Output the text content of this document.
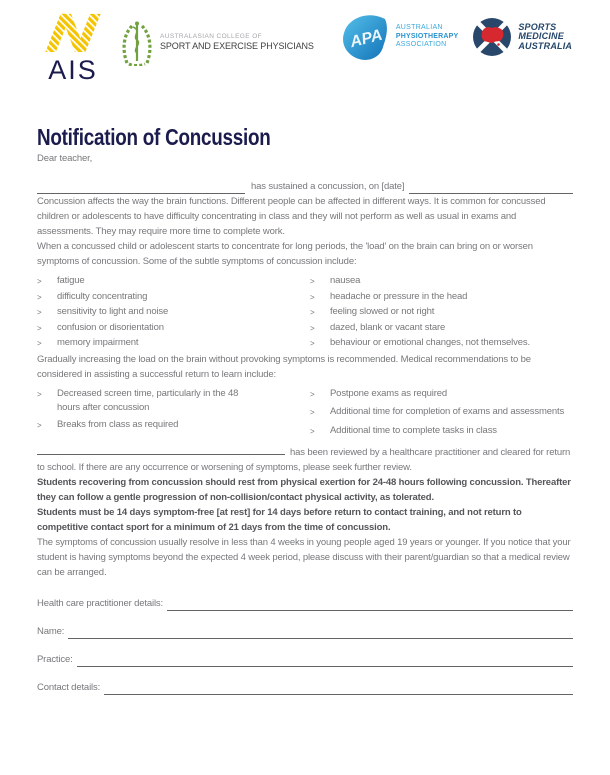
AIS
AUSTRALASIAN COLLEGE OF
SPORT AND EXERCISE PHYSICIANS APA AUSTRALIAN
PHYSIOTHERAPY
ASSOCIATION
SPORTS
MEDICINE
AUSTRALIA
Notification of Concussion

Dear teacher,

has sustained a concussion, on [date]

Concussion affects the way the brain functions. Different people can be affected in different ways. It is common for concussed children or adolescents to have difficulty concentrating in class and they will not perform as well as usual in exams and assessments. They may require more time to complete work.

When a concussed child or adolescent starts to concentrate for long periods, the 'load' on the brain can bring on or worsen symptoms of concussion. Some of the subtle symptoms of concussion include:

>	fatigue
>	difficulty concentrating
>	sensitivity to light and noise
>	confusion or disorientation
>	memory impairment
>	nausea
>	headache or pressure in the head
>	feeling slowed or not right
>	dazed, blank or vacant stare
>	behaviour or emotional changes, not themselves.

Gradually increasing the load on the brain without provoking symptoms is recommended. Medical recommendations to be considered in assisting a successful return to learn include:

>	Decreased screen time, particularly in the 48 hours after concussion
>	Breaks from class as required
>	Postpone exams as required
>	Additional time for completion of exams and assessments
>	Additional time to complete tasks in class

has been reviewed by a healthcare practitioner and cleared for return to school. If there are any occurrence or worsening of symptoms, please seek further review.

Students recovering from concussion should rest from physical exertion for 24-48 hours following concussion. Thereafter they can follow a gentle progression of non-collision/contact physical activity, as tolerated.

Students must be 14 days symptom-free [at rest] for 14 days before return to contact training, and not return to competitive contact sport for a minimum of 21 days from the time of concussion.

The symptoms of concussion usually resolve in less than 4 weeks in young people aged 19 years or younger. If you notice that your student is having symptoms beyond the expected 4 week period, please discuss with their parent/guardian so that a medical review can be arranged.

Health care practitioner details:
Name:
Practice:
Contact details:
